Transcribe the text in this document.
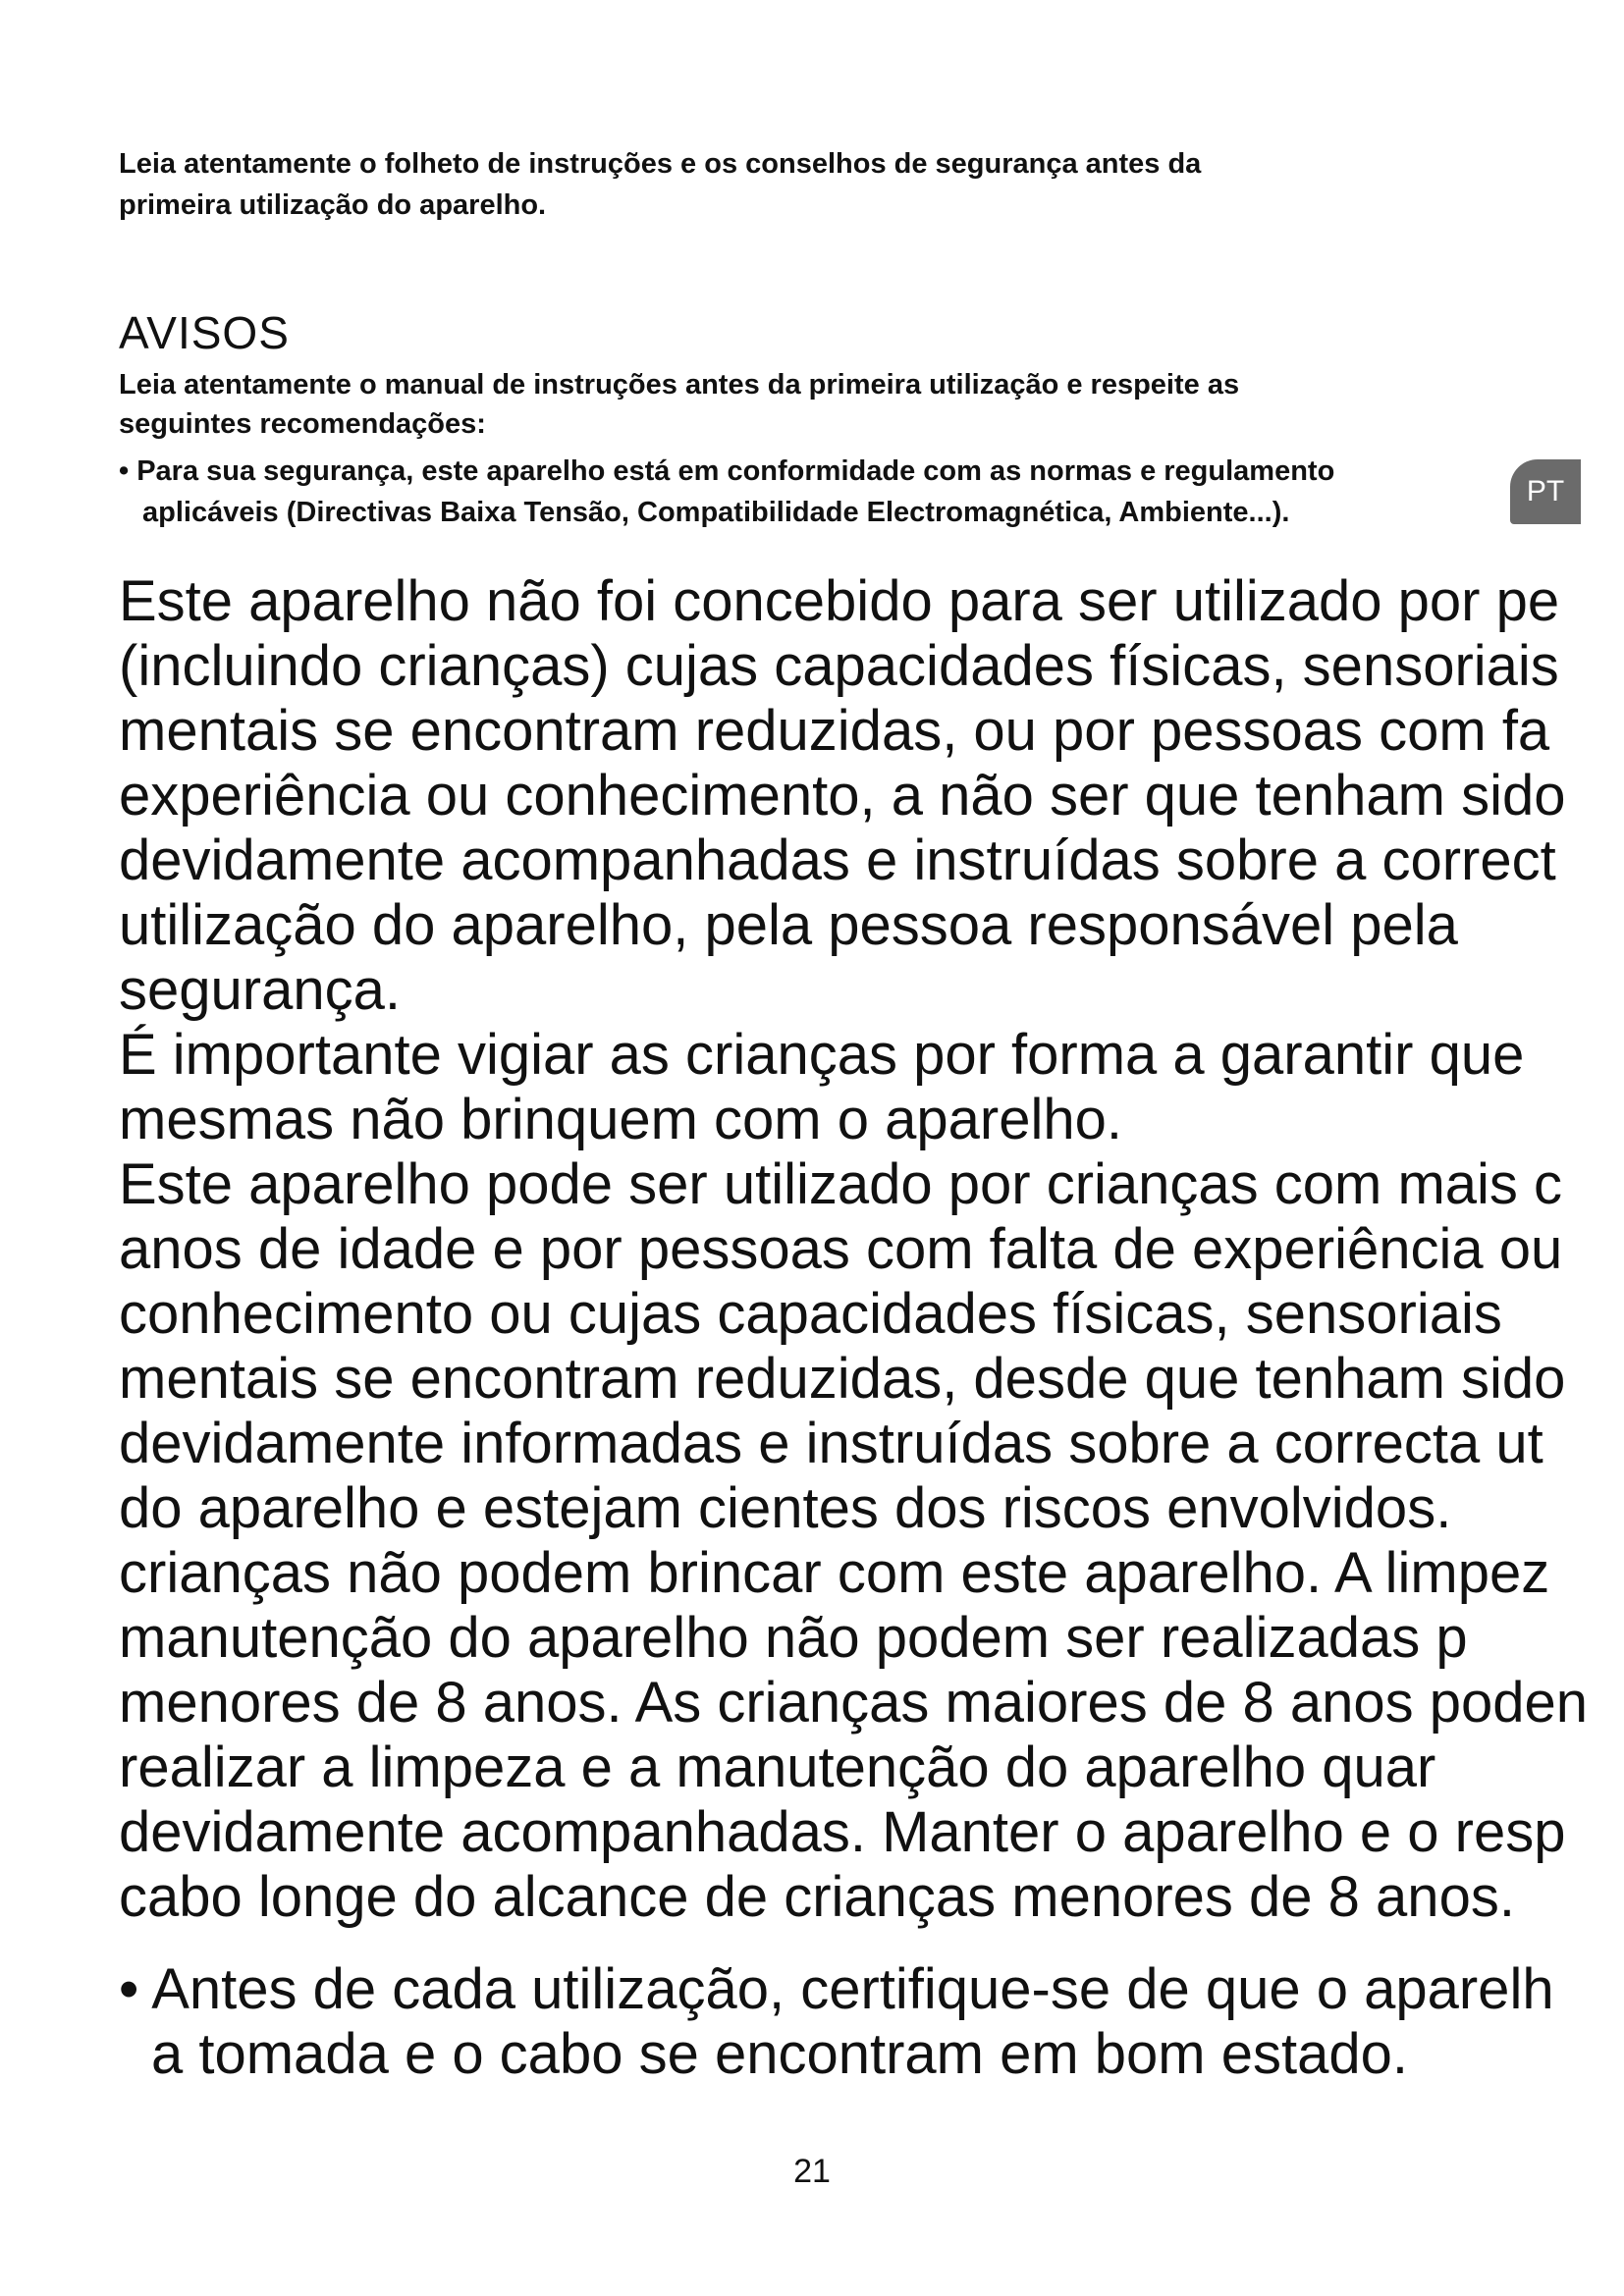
Leia atentamente o folheto de instruções e os conselhos de segurança antes da
primeira utilização do aparelho.
AVISOS
Leia atentamente o manual de instruções antes da primeira utilização e respeite as
seguintes recomendações:
• Para sua segurança, este aparelho está em conformidade com as normas e regulamento
aplicáveis (Directivas Baixa Tensão, Compatibilidade Electromagnética, Ambiente...).
PT
Este aparelho não foi concebido para ser utilizado por pe
(incluindo crianças) cujas capacidades físicas, sensoriais
mentais se encontram reduzidas, ou por pessoas com fa
experiência ou conhecimento, a não ser que tenham sido
devidamente acompanhadas e instruídas sobre a correct
utilização do aparelho, pela pessoa responsável pela
segurança.
É importante vigiar as crianças por forma a garantir que
mesmas não brinquem com o aparelho.
Este aparelho pode ser utilizado por crianças com mais c
anos de idade e por pessoas com falta de experiência ou
conhecimento ou cujas capacidades físicas, sensoriais
mentais se encontram reduzidas, desde que tenham sido
devidamente informadas e instruídas sobre a correcta ut
do aparelho e estejam cientes dos riscos envolvidos.
crianças não podem brincar com este aparelho. A limpez
manutenção do aparelho não podem ser realizadas p
menores de 8 anos. As crianças maiores de 8 anos poden
realizar a limpeza e a manutenção do aparelho quar
devidamente acompanhadas. Manter o aparelho e o resp
cabo longe do alcance de crianças menores de 8 anos.
• Antes de cada utilização, certifique-se de que o aparelh
a tomada e o cabo se encontram em bom estado.
21
